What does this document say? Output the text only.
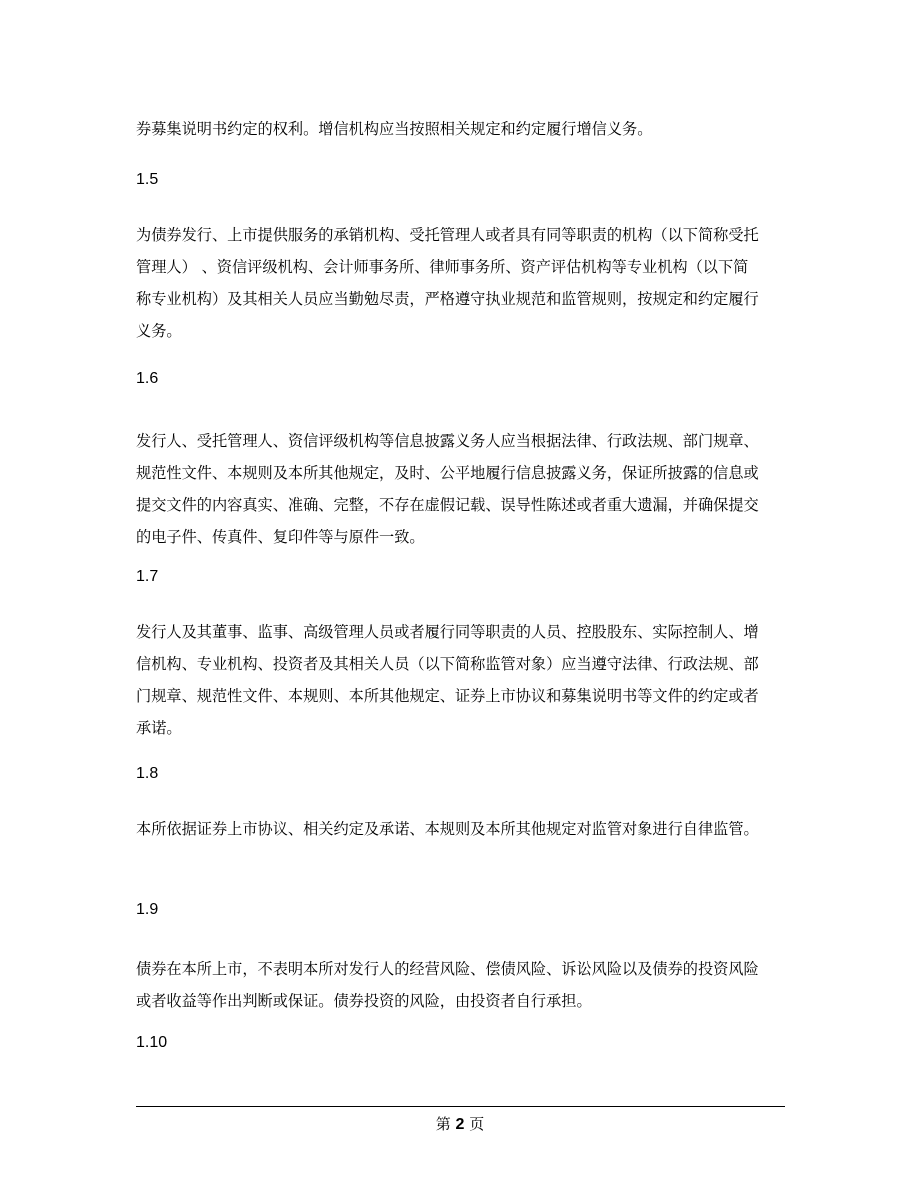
券募集说明书约定的权利。增信机构应当按照相关规定和约定履行增信义务。

1.5

为债券发行、上市提供服务的承销机构、受托管理人或者具有同等职责的机构（以下简称受托管理人） 、资信评级机构、会计师事务所、律师事务所、资产评估机构等专业机构（以下简称专业机构）及其相关人员应当勤勉尽责，严格遵守执业规范和监管规则，按规定和约定履行义务。

1.6

发行人、受托管理人、资信评级机构等信息披露义务人应当根据法律、行政法规、部门规章、规范性文件、本规则及本所其他规定，及时、公平地履行信息披露义务，保证所披露的信息或提交文件的内容真实、准确、完整，不存在虚假记载、误导性陈述或者重大遗漏，并确保提交的电子件、传真件、复印件等与原件一致。

1.7

发行人及其董事、监事、高级管理人员或者履行同等职责的人员、控股股东、实际控制人、增信机构、专业机构、投资者及其相关人员（以下简称监管对象）应当遵守法律、行政法规、部门规章、规范性文件、本规则、本所其他规定、证券上市协议和募集说明书等文件的约定或者承诺。

1.8

本所依据证券上市协议、相关约定及承诺、本规则及本所其他规定对监管对象进行自律监管。

1.9

债券在本所上市，不表明本所对发行人的经营风险、偿债风险、诉讼风险以及债券的投资风险或者收益等作出判断或保证。债券投资的风险，由投资者自行承担。

1.10

第 2 页
